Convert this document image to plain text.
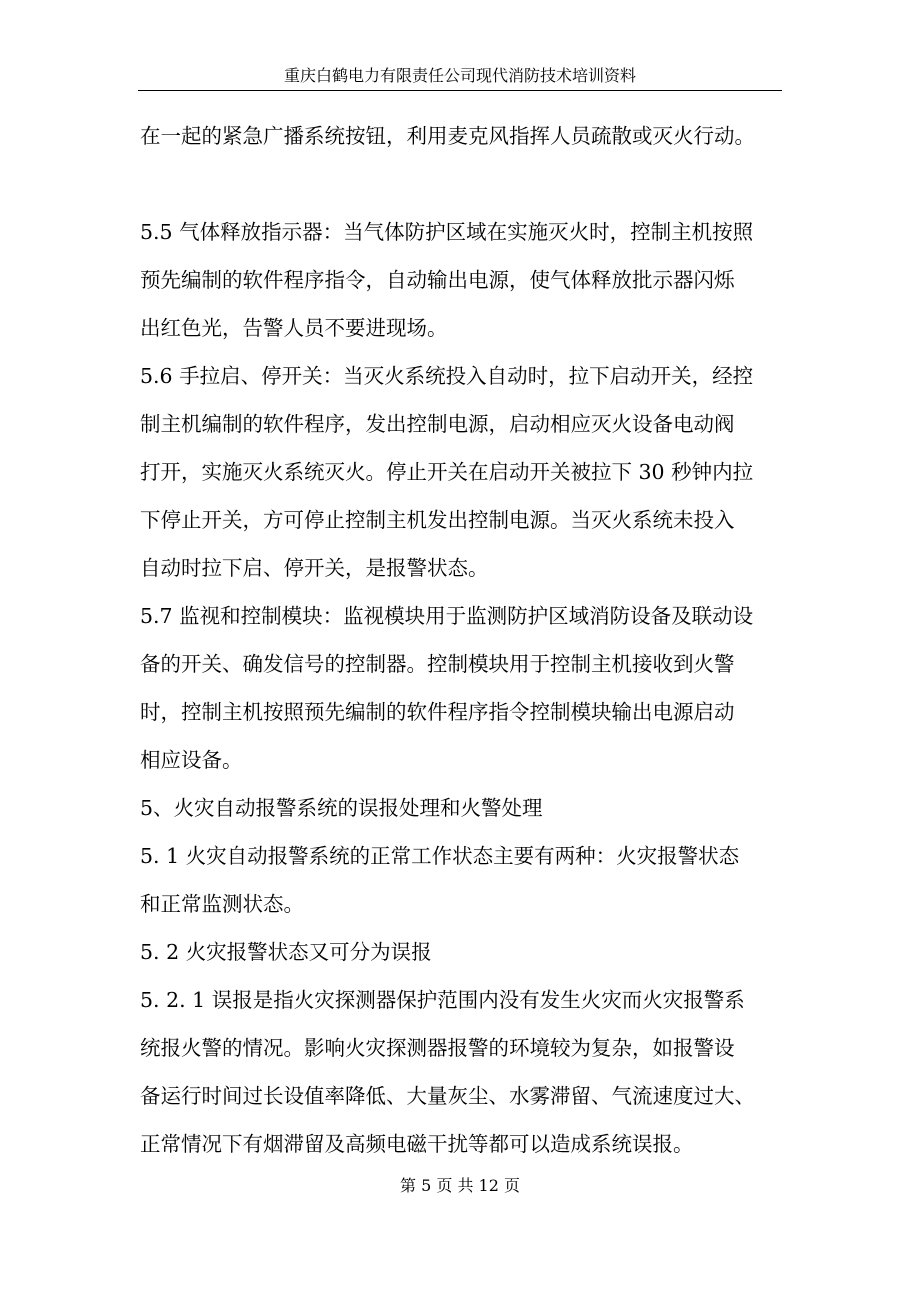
重庆白鹤电力有限责任公司现代消防技术培训资料
在一起的紧急广播系统按钮，利用麦克风指挥人员疏散或灭火行动。
5.5 气体释放指示器：当气体防护区域在实施灭火时，控制主机按照
预先编制的软件程序指令，自动输出电源，使气体释放批示器闪烁
出红色光，告警人员不要进现场。
5.6 手拉启、停开关：当灭火系统投入自动时，拉下启动开关，经控
制主机编制的软件程序，发出控制电源，启动相应灭火设备电动阀
打开，实施灭火系统灭火。停止开关在启动开关被拉下 30 秒钟内拉
下停止开关，方可停止控制主机发出控制电源。当灭火系统未投入
自动时拉下启、停开关，是报警状态。
5.7 监视和控制模块：监视模块用于监测防护区域消防设备及联动设
备的开关、确发信号的控制器。控制模块用于控制主机接收到火警
时，控制主机按照预先编制的软件程序指令控制模块输出电源启动
相应设备。
5、火灾自动报警系统的误报处理和火警处理
5. 1 火灾自动报警系统的正常工作状态主要有两种：火灾报警状态
和正常监测状态。
5. 2 火灾报警状态又可分为误报
5. 2. 1 误报是指火灾探测器保护范围内没有发生火灾而火灾报警系
统报火警的情况。影响火灾探测器报警的环境较为复杂，如报警设
备运行时间过长设值率降低、大量灰尘、水雾滞留、气流速度过大、
正常情况下有烟滞留及高频电磁干扰等都可以造成系统误报。
第 5 页 共 12 页
